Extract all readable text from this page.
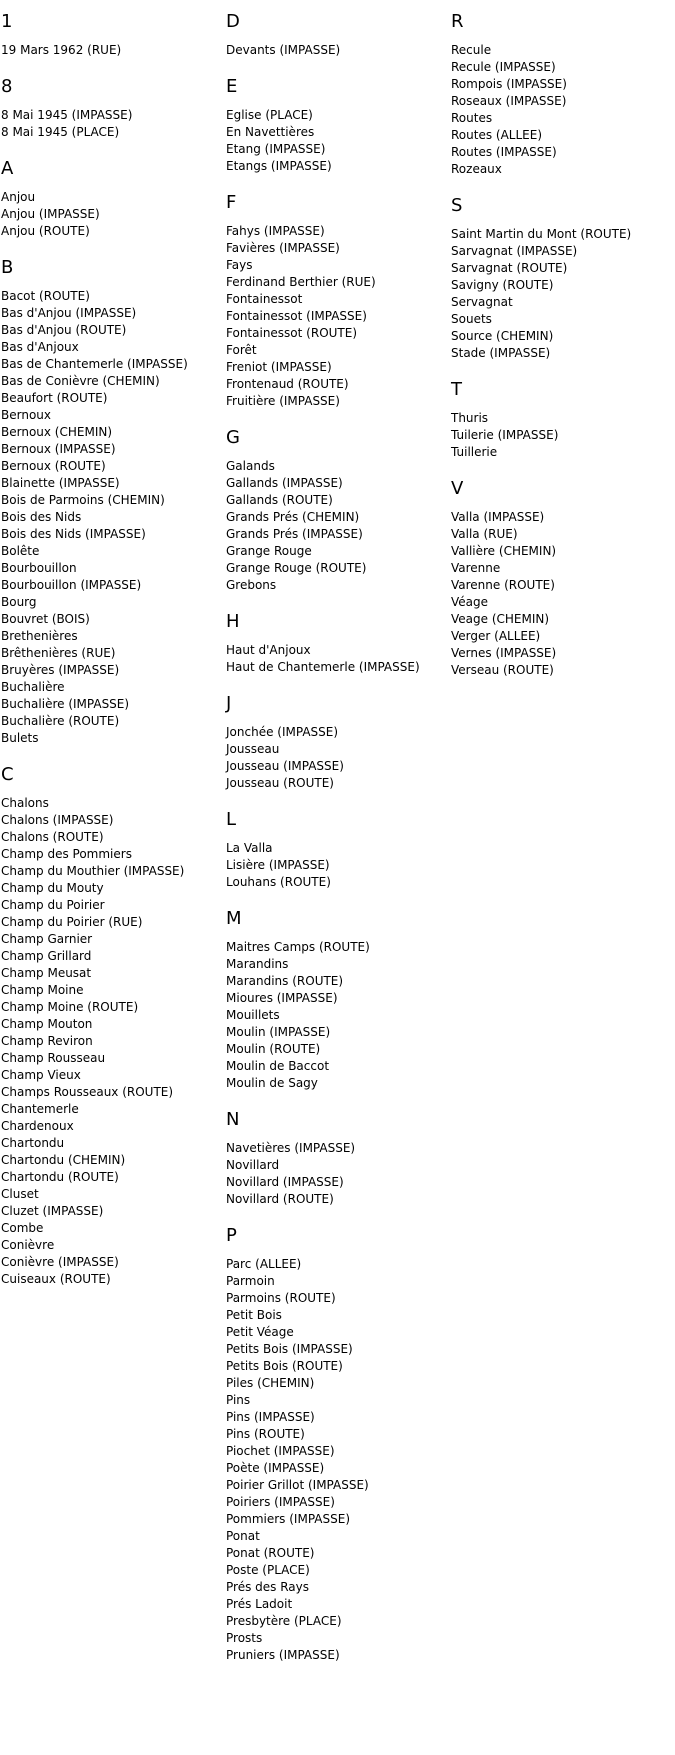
1
19 Mars 1962 (RUE)
8
8 Mai 1945 (IMPASSE)
8 Mai 1945 (PLACE)
A
Anjou
Anjou (IMPASSE)
Anjou (ROUTE)
B
Bacot (ROUTE)
Bas d'Anjou (IMPASSE)
Bas d'Anjou (ROUTE)
Bas d'Anjoux
Bas de Chantemerle (IMPASSE)
Bas de Conièvre (CHEMIN)
Beaufort (ROUTE)
Bernoux
Bernoux (CHEMIN)
Bernoux (IMPASSE)
Bernoux (ROUTE)
Blainette (IMPASSE)
Bois de Parmoins (CHEMIN)
Bois des Nids
Bois des Nids (IMPASSE)
Bolête
Bourbouillon
Bourbouillon (IMPASSE)
Bourg
Bouvret (BOIS)
Brethenières
Brêthenières (RUE)
Bruyères (IMPASSE)
Buchalière
Buchalière (IMPASSE)
Buchalière (ROUTE)
Bulets
C
Chalons
Chalons (IMPASSE)
Chalons (ROUTE)
Champ des Pommiers
Champ du Mouthier (IMPASSE)
Champ du Mouty
Champ du Poirier
Champ du Poirier (RUE)
Champ Garnier
Champ Grillard
Champ Meusat
Champ Moine
Champ Moine (ROUTE)
Champ Mouton
Champ Reviron
Champ Rousseau
Champ Vieux
Champs Rousseaux (ROUTE)
Chantemerle
Chardenoux
Chartondu
Chartondu (CHEMIN)
Chartondu (ROUTE)
Cluset
Cluzet (IMPASSE)
Combe
Conièvre
Conièvre (IMPASSE)
Cuiseaux (ROUTE)
D
Devants (IMPASSE)
E
Eglise (PLACE)
En Navettières
Etang (IMPASSE)
Etangs (IMPASSE)
F
Fahys (IMPASSE)
Favières (IMPASSE)
Fays
Ferdinand Berthier (RUE)
Fontainessot
Fontainessot (IMPASSE)
Fontainessot (ROUTE)
Forêt
Freniot (IMPASSE)
Frontenaud (ROUTE)
Fruitière (IMPASSE)
G
Galands
Gallands (IMPASSE)
Gallands (ROUTE)
Grands Prés (CHEMIN)
Grands Prés (IMPASSE)
Grange Rouge
Grange Rouge (ROUTE)
Grebons
H
Haut d'Anjoux
Haut de Chantemerle (IMPASSE)
J
Jonchée (IMPASSE)
Jousseau
Jousseau (IMPASSE)
Jousseau (ROUTE)
L
La Valla
Lisière (IMPASSE)
Louhans (ROUTE)
M
Maitres Camps (ROUTE)
Marandins
Marandins (ROUTE)
Mioures (IMPASSE)
Mouillets
Moulin (IMPASSE)
Moulin (ROUTE)
Moulin de Baccot
Moulin de Sagy
N
Navetières (IMPASSE)
Novillard
Novillard (IMPASSE)
Novillard (ROUTE)
P
Parc (ALLEE)
Parmoin
Parmoins (ROUTE)
Petit Bois
Petit Véage
Petits Bois (IMPASSE)
Petits Bois (ROUTE)
Piles (CHEMIN)
Pins
Pins (IMPASSE)
Pins (ROUTE)
Piochet (IMPASSE)
Poète (IMPASSE)
Poirier Grillot (IMPASSE)
Poiriers (IMPASSE)
Pommiers (IMPASSE)
Ponat
Ponat (ROUTE)
Poste (PLACE)
Prés des Rays
Prés Ladoit
Presbytère (PLACE)
Prosts
Pruniers (IMPASSE)
R
Recule
Recule (IMPASSE)
Rompois (IMPASSE)
Roseaux (IMPASSE)
Routes
Routes (ALLEE)
Routes (IMPASSE)
Rozeaux
S
Saint Martin du Mont (ROUTE)
Sarvagnat (IMPASSE)
Sarvagnat (ROUTE)
Savigny (ROUTE)
Servagnat
Souets
Source (CHEMIN)
Stade (IMPASSE)
T
Thuris
Tuilerie (IMPASSE)
Tuillerie
V
Valla (IMPASSE)
Valla (RUE)
Vallière (CHEMIN)
Varenne
Varenne (ROUTE)
Véage
Veage (CHEMIN)
Verger (ALLEE)
Vernes (IMPASSE)
Verseau (ROUTE)
